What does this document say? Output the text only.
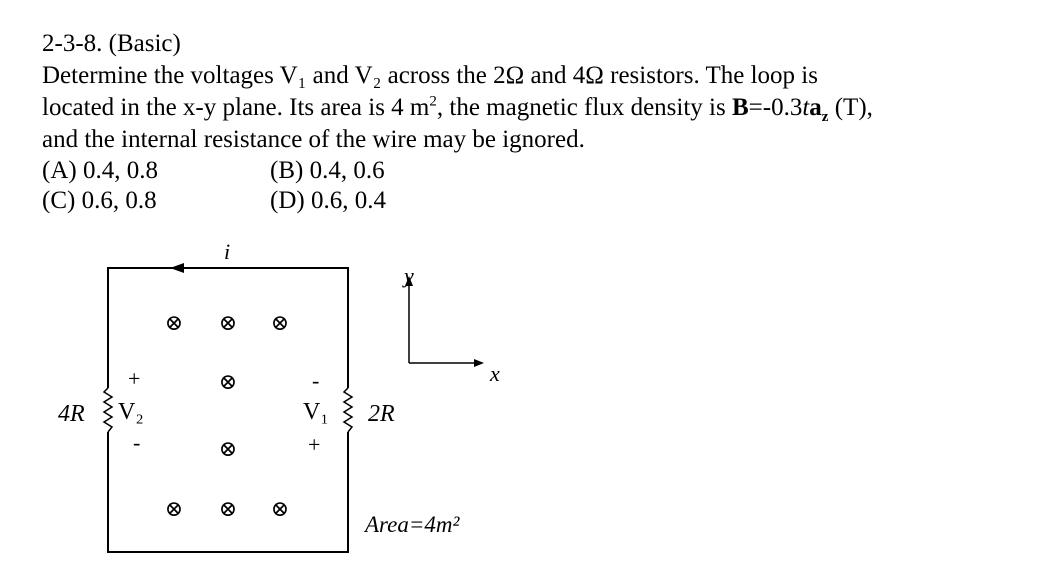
2-3-8. (Basic)
Determine the voltages V₁ and V₂ across the 2Ω and 4Ω resistors. The loop is
located in the x-y plane. Its area is 4 $m^2$, the magnetic flux density is $B=-0.3ta_z$ (T),
and the internal resistance of the wire may be ignored.
(A) 0.4, 0.8	(B) 0.4, 0.6
(C) 0.6, 0.8	(D) 0.6, 0.4
i
4R
+
V₂
-
-
V₁
+
2R
⊗ ⊗ ⊗
⊗
⊗
⊗ ⊗ ⊗
y
x
Area=4m²
